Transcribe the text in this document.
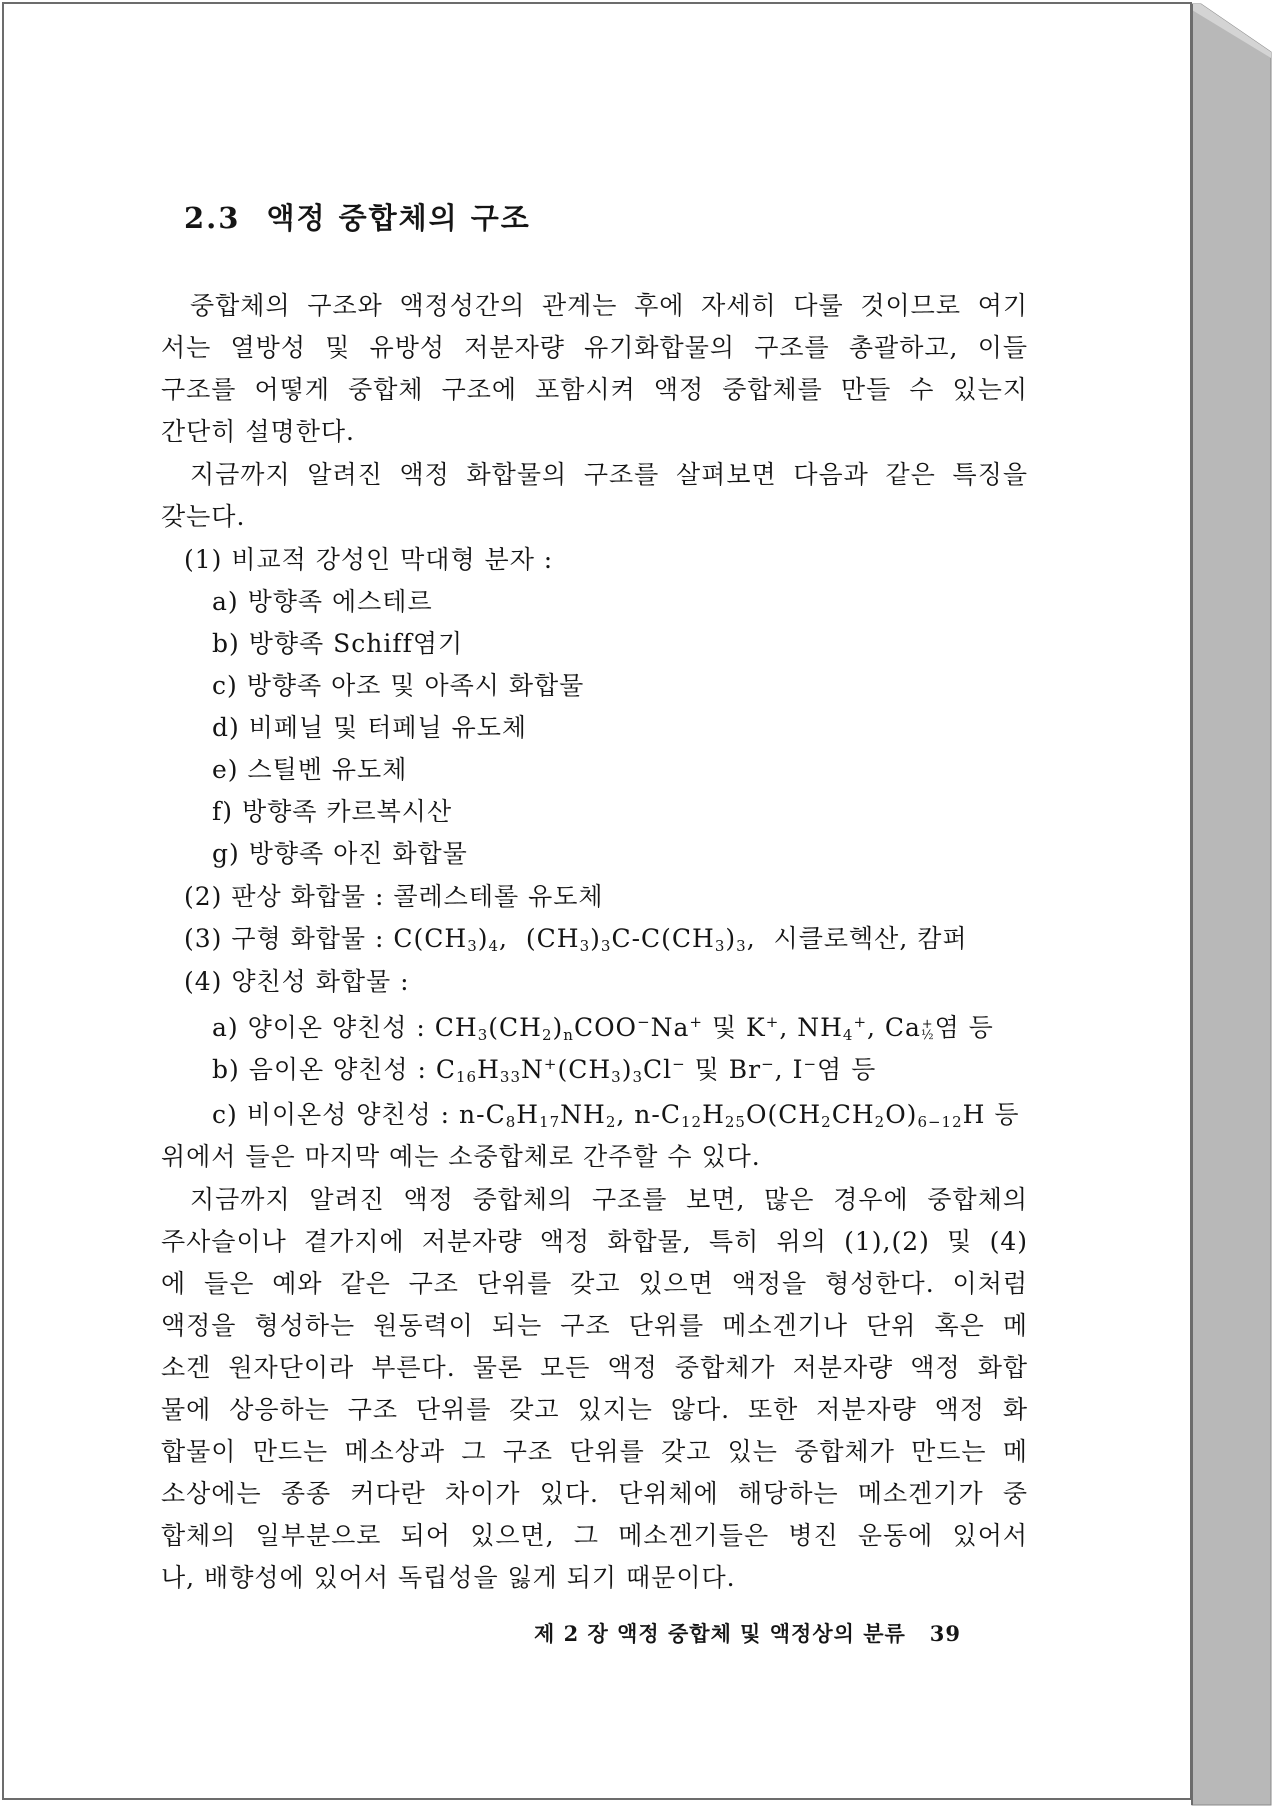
2.3 액정 중합체의 구조
중합체의 구조와 액정성간의 관계는 후에 자세히 다룰 것이므로 여기
서는 열방성 및 유방성 저분자량 유기화합물의 구조를 총괄하고, 이들
구조를 어떻게 중합체 구조에 포함시켜 액정 중합체를 만들 수 있는지
간단히 설명한다.
지금까지 알려진 액정 화합물의 구조를 살펴보면 다음과 같은 특징을
갖는다.
(1) 비교적 강성인 막대형 분자 :
a) 방향족 에스테르
b) 방향족 Schiff염기
c) 방향족 아조 및 아족시 화합물
d) 비페닐 및 터페닐 유도체
e) 스틸벤 유도체
f) 방향족 카르복시산
g) 방향족 아진 화합물
(2) 판상 화합물 : 콜레스테롤 유도체
(3) 구형 화합물 : $C(CH_3)_4$, $(CH_3)_3C-C(CH_3)_3$, 시클로헥산, 캄퍼
(4) 양친성 화합물 :
a) 양이온 양친성 : $CH_3(CH_2)_nCOO^-Na^+$ 및 K+, $NH_4^+$, Ca+
½염 등
b) 음이온 양친성 : $C_{16}H_{33}N^+(CH_3)_3Cl^-$ 및 Br−, I−염 등
c) 비이온성 양친성 : $n-C_8H_{17}NH_2$, $n-C_{12}H_{25}O(CH_2CH_2O)_{6-12}H$ 등
위에서 들은 마지막 예는 소중합체로 간주할 수 있다.
지금까지 알려진 액정 중합체의 구조를 보면, 많은 경우에 중합체의
주사슬이나 곁가지에 저분자량 액정 화합물, 특히 위의 (1),(2) 및 (4)
에 들은 예와 같은 구조 단위를 갖고 있으면 액정을 형성한다. 이처럼
액정을 형성하는 원동력이 되는 구조 단위를 메소겐기나 단위 혹은 메
소겐 원자단이라 부른다. 물론 모든 액정 중합체가 저분자량 액정 화합
물에 상응하는 구조 단위를 갖고 있지는 않다. 또한 저분자량 액정 화
합물이 만드는 메소상과 그 구조 단위를 갖고 있는 중합체가 만드는 메
소상에는 종종 커다란 차이가 있다. 단위체에 해당하는 메소겐기가 중
합체의 일부분으로 되어 있으면, 그 메소겐기들은 병진 운동에 있어서
나, 배향성에 있어서 독립성을 잃게 되기 때문이다.
제 2 장 액정 중합체 및 액정상의 분류 39
